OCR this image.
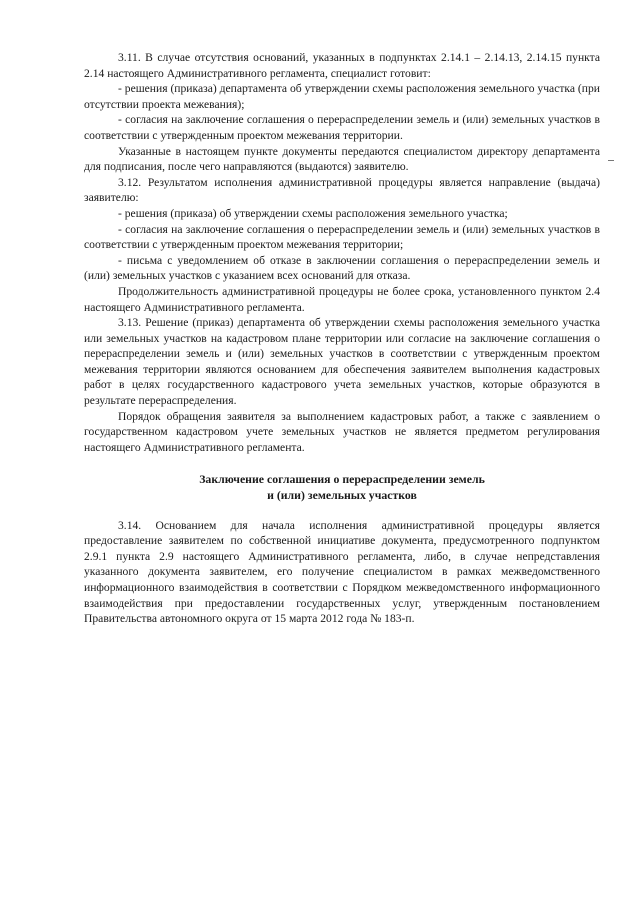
3.11. В случае отсутствия оснований, указанных в подпунктах 2.14.1 – 2.14.13, 2.14.15 пункта 2.14 настоящего Административного регламента, специалист готовит:

- решения (приказа) департамента об утверждении схемы расположения земельного участка (при отсутствии проекта межевания);

- согласия на заключение соглашения о перераспределении земель и (или) земельных участков в соответствии с утвержденным проектом межевания территории.

Указанные в настоящем пункте документы передаются специалистом директору департамента для подписания, после чего направляются (выдаются) заявителю.

3.12. Результатом исполнения административной процедуры является направление (выдача) заявителю:

- решения (приказа) об утверждении схемы расположения земельного участка;

- согласия на заключение соглашения о перераспределении земель и (или) земельных участков в соответствии с утвержденным проектом межевания территории;

- письма с уведомлением об отказе в заключении соглашения о перераспределении земель и (или) земельных участков с указанием всех оснований для отказа.

Продолжительность административной процедуры не более срока, установленного пунктом 2.4 настоящего Административного регламента.

3.13. Решение (приказ) департамента об утверждении схемы расположения земельного участка или земельных участков на кадастровом плане территории или согласие на заключение соглашения о перераспределении земель и (или) земельных участков в соответствии с утвержденным проектом межевания территории являются основанием для обеспечения заявителем выполнения кадастровых работ в целях государственного кадастрового учета земельных участков, которые образуются в результате перераспределения.

Порядок обращения заявителя за выполнением кадастровых работ, а также с заявлением о государственном кадастровом учете земельных участков не является предметом регулирования настоящего Административного регламента.

Заключение соглашения о перераспределении земель
и (или) земельных участков

3.14. Основанием для начала исполнения административной процедуры является предоставление заявителем по собственной инициативе документа, предусмотренного подпунктом 2.9.1 пункта 2.9 настоящего Административного регламента, либо, в случае непредставления указанного документа заявителем, его получение специалистом в рамках межведомственного информационного взаимодействия в соответствии с Порядком межведомственного информационного взаимодействия при предоставлении государственных услуг, утвержденным постановлением Правительства автономного округа от 15 марта 2012 года № 183-п.
